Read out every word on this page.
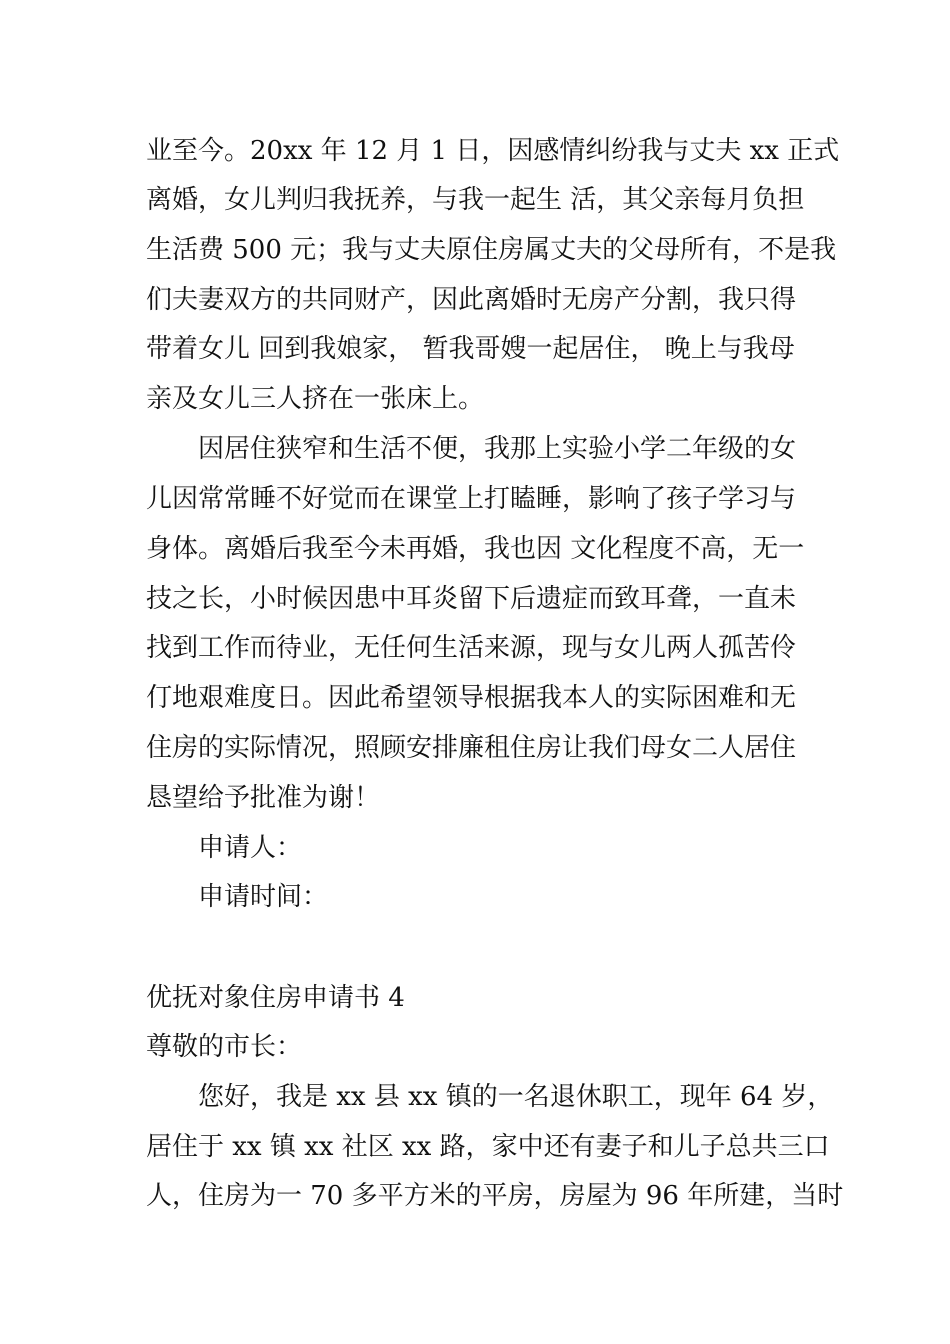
业至今。20xx 年 12 月 1 日，因感情纠纷我与丈夫 xx 正式
离婚，女儿判归我抚养，与我一起生 活，其父亲每月负担
生活费 500 元；我与丈夫原住房属丈夫的父母所有，不是我
们夫妻双方的共同财产，因此离婚时无房产分割，我只得
带着女儿 回到我娘家， 暂我哥嫂一起居住， 晚上与我母
亲及女儿三人挤在一张床上。
因居住狭窄和生活不便，我那上实验小学二年级的女
儿因常常睡不好觉而在课堂上打瞌睡，影响了孩子学习与
身体。离婚后我至今未再婚，我也因 文化程度不高，无一
技之长，小时候因患中耳炎留下后遗症而致耳聋，一直未
找到工作而待业，无任何生活来源，现与女儿两人孤苦伶
仃地艰难度日。因此希望领导根据我本人的实际困难和无
住房的实际情况，照顾安排廉租住房让我们母女二人居住
恳望给予批准为谢！
申请人：
申请时间：
优抚对象住房申请书 4
尊敬的市长：
您好，我是 xx 县 xx 镇的一名退休职工，现年 64 岁，
居住于 xx 镇 xx 社区 xx 路，家中还有妻子和儿子总共三口
人，住房为一 70 多平方米的平房，房屋为 96 年所建，当时
